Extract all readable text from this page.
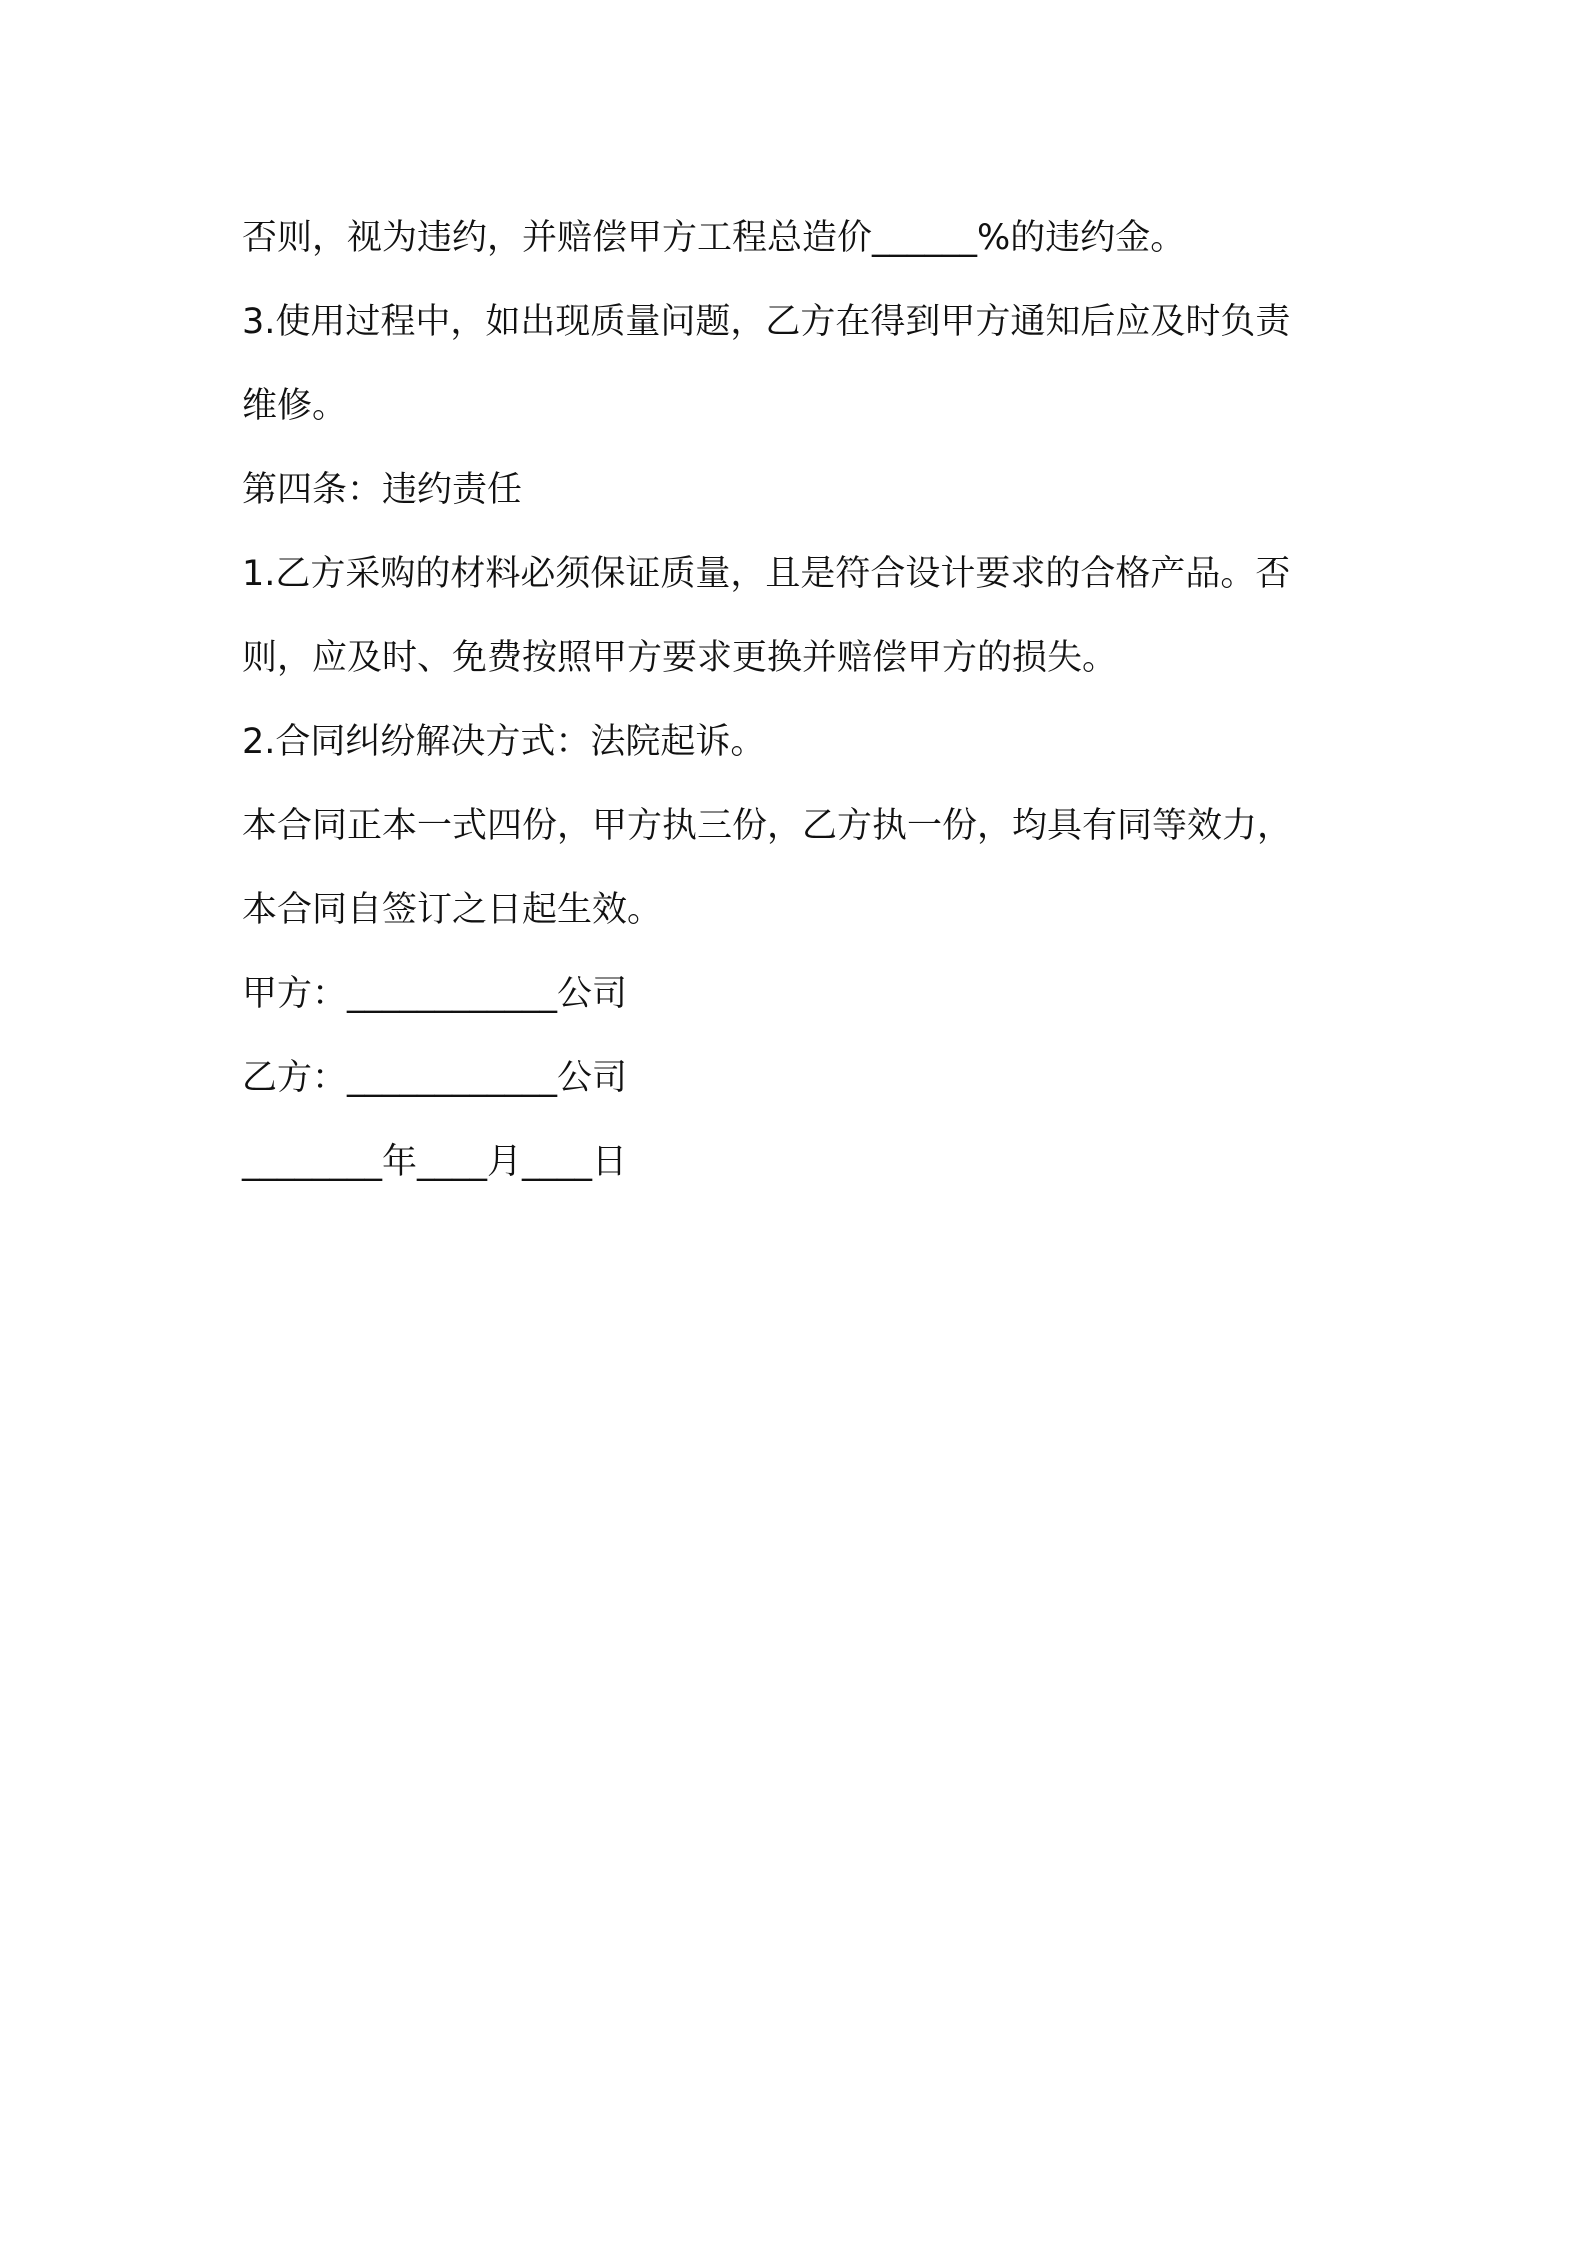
否则，视为违约，并赔偿甲方工程总造价______%的违约金。
3.使用过程中，如出现质量问题，乙方在得到甲方通知后应及时负责
维修。
第四条：违约责任
1.乙方采购的材料必须保证质量，且是符合设计要求的合格产品。否
则，应及时、免费按照甲方要求更换并赔偿甲方的损失。
2.合同纠纷解决方式：法院起诉。
本合同正本一式四份，甲方执三份，乙方执一份，均具有同等效力，
本合同自签订之日起生效。
甲方：____________公司
乙方：____________公司
________年____月____日
